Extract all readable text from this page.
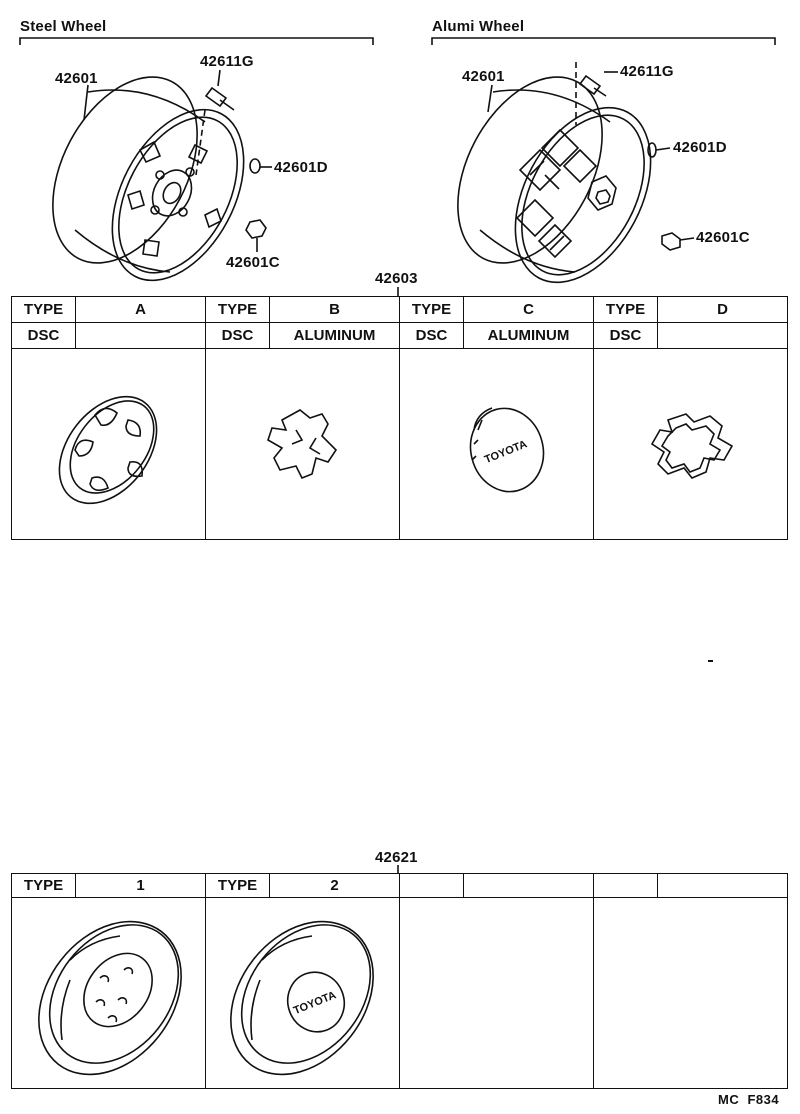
Steel Wheel	Alumi Wheel
TOYOTA
TOYOTA
42601
42611G
42601D
42601C
42601	42611G
42601D
42601C
42603
TYPE	A	TYPE	B	TYPE	C	TYPE	D
DSC		DSC	ALUMINUM	DSC	ALUMINUM	DSC	

42621
TYPE	1	TYPE	2				

MC  F834
